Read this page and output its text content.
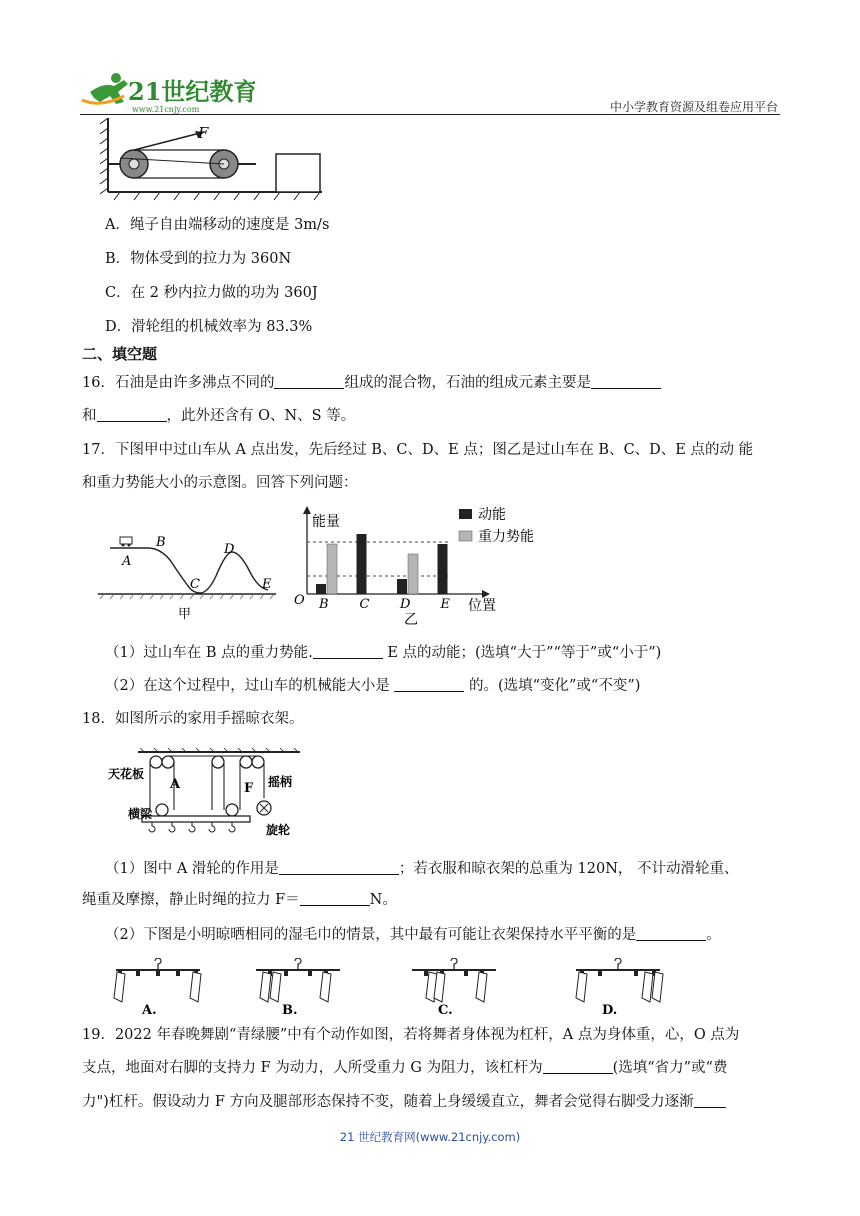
21世纪教育
www.21cnjy.com	中小学教育资源及组卷应用平台
F
A．绳子自由端移动的速度是 3m/s
B．物体受到的拉力为 360N
C．在 2 秒内拉力做的功为 360J
D．滑轮组的机械效率为 83.3%
二、填空题
16．石油是由许多沸点不同的	组成的混合物，石油的组成元素主要是
和	，此外还含有 O、N、S 等。
17．下图甲中过山车从 A 点出发，先后经过 B、C、D、E 点；图乙是过山车在 B、C、D、E 点的动 能
和重力势能大小的示意图。回答下列问题：
A
B
C
D
E
甲
能量
位置
O
动能
重力势能
B C D E
乙
（1）过山车在 B 点的重力势能.	E 点的动能；(选填“大于”“等于”或“小于”)
（2）在这个过程中，过山车的机械能大小是	的。(选填“变化”或“不变”)
18．如图所示的家用手摇晾衣架。
天花板
A	F 摇柄
横梁
旋轮
（1）图中 A 滑轮的作用是	；若衣服和晾衣架的总重为 120N， 不计动滑轮重、
绳重及摩擦，静止时绳的拉力 F＝	N。
（2）下图是小明晾晒相同的湿毛巾的情景，其中最有可能让衣架保持水平平衡的是	。
A.	B.	C.	D.
19．2022 年春晚舞剧“青绿腰”中有个动作如图，若将舞者身体视为杠杆，A 点为身体重，心，O 点为
支点，地面对右脚的支持力 F 为动力，人所受重力 G 为阻力，该杠杆为	(选填“省力”或“费
力")杠杆。假设动力 F 方向及腿部形态保持不变，随着上身缓缓直立，舞者会觉得右脚受力逐渐
21 世纪教育网(www.21cnjy.com)
